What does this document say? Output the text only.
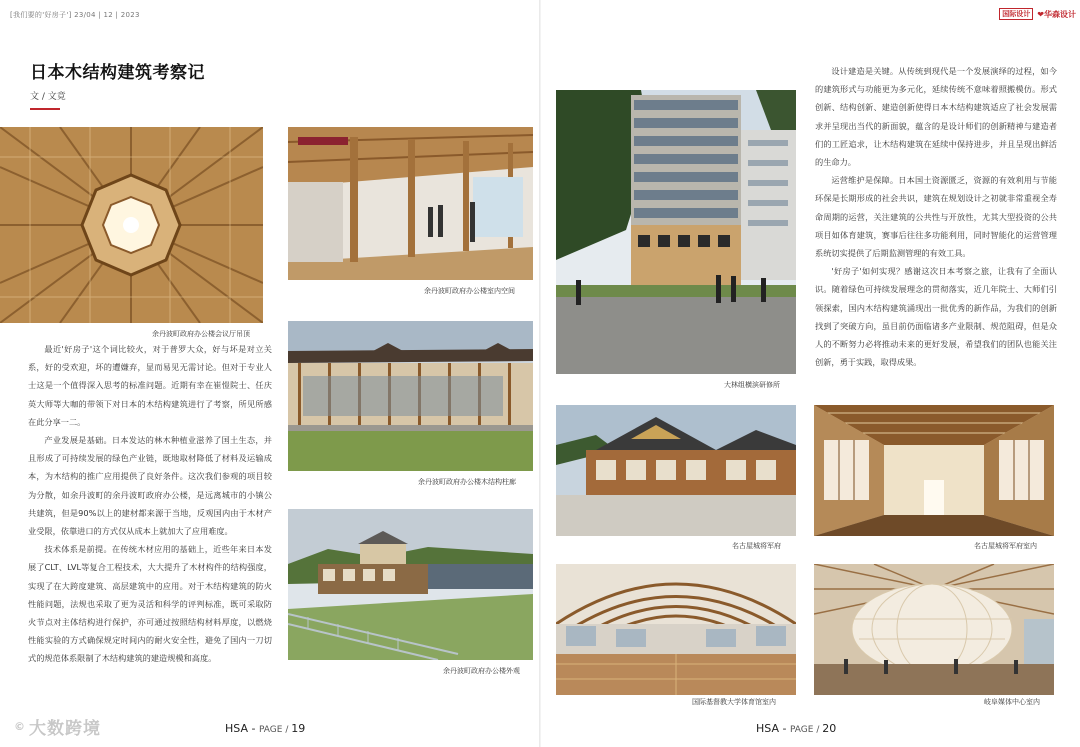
[我们要的'好房子'] 23/04 | 12 | 2023
日本木结构建筑考察记
文 / 文竟
余丹波町政府办公楼会议厅吊顶
余丹波町政府办公楼室内空间
余丹波町政府办公楼木结构柱廊
余丹波町政府办公楼外观

最近'好房子'这个词比较火，对于普罗大众，好与坏是对立关系，好的受欢迎，坏的遭嫌弃，显而易见无需讨论。但对于专业人士这是一个值得深入思考的标准问题。近期有幸在崔愷院士、任庆英大师等大咖的带领下对日本的木结构建筑进行了考察，所见所感在此分享一二。

产业发展是基础。日本发达的林木种植业滋养了国土生态，并且形成了可持续发展的绿色产业链，既地取材降低了材料及运输成本，为木结构的推广应用提供了良好条件。这次我们参观的项目较为分散，如余丹波町的余丹波町政府办公楼，是远离城市的小镇公共建筑，但是90%以上的建材都来源于当地，反观国内由于木材产业受限，依靠进口的方式仅从成本上就加大了应用难度。

技术体系是前提。在传统木材应用的基础上，近些年来日本发展了CLT、LVL等复合工程技术，大大提升了木材构件的结构强度，实现了在大跨度建筑、高层建筑中的应用。对于木结构建筑的防火性能问题，法规也采取了更为灵活和科学的评判标准，既可采取防火节点对主体结构进行保护，亦可通过按照结构材料厚度，以燃烧性能实验的方式确保规定时间内的耐火安全性，避免了国内一刀切式的规范体系限制了木结构建筑的建造规模和高度。

HSA - PAGE / 19
© 大数跨境
国际设计 ❤华森设计
大林组横滨研修所
名古屋城将军府	名古屋城将军府室内
国际基督教大学体育馆室内	岐阜媒体中心室内

设计建造是关键。从传统到现代是一个发展演绎的过程，如今的建筑形式与功能更为多元化，延续传统不意味着照搬模仿。形式创新、结构创新、建造创新使得日本木结构建筑适应了社会发展需求并呈现出当代的新面貌，蕴含的是设计师们的创新精神与建造者们的工匠追求，让木结构建筑在延续中保持进步，并且呈现出鲜活的生命力。

运营维护是保障。日本国土资源匮乏，资源的有效利用与节能环保是长期形成的社会共识，建筑在规划设计之初就非常重视全寿命周期的运营，关注建筑的公共性与开放性，尤其大型投资的公共项目如体育建筑，赛事后往往多功能利用，同时智能化的运营管理系统切实提供了后期监测管理的有效工具。

'好房子'如何实现？感谢这次日本考察之旅，让我有了全面认识。随着绿色可持续发展理念的贯彻落实，近几年院士、大师们引领探索，国内木结构建筑涌现出一批优秀的新作品，为我们的创新找到了突破方向，虽目前仍面临诸多产业限制、规范阻碍，但是众人的不断努力必将推动未来的更好发展，希望我们的团队也能关注创新，勇于实践，取得成果。

HSA - PAGE / 20
